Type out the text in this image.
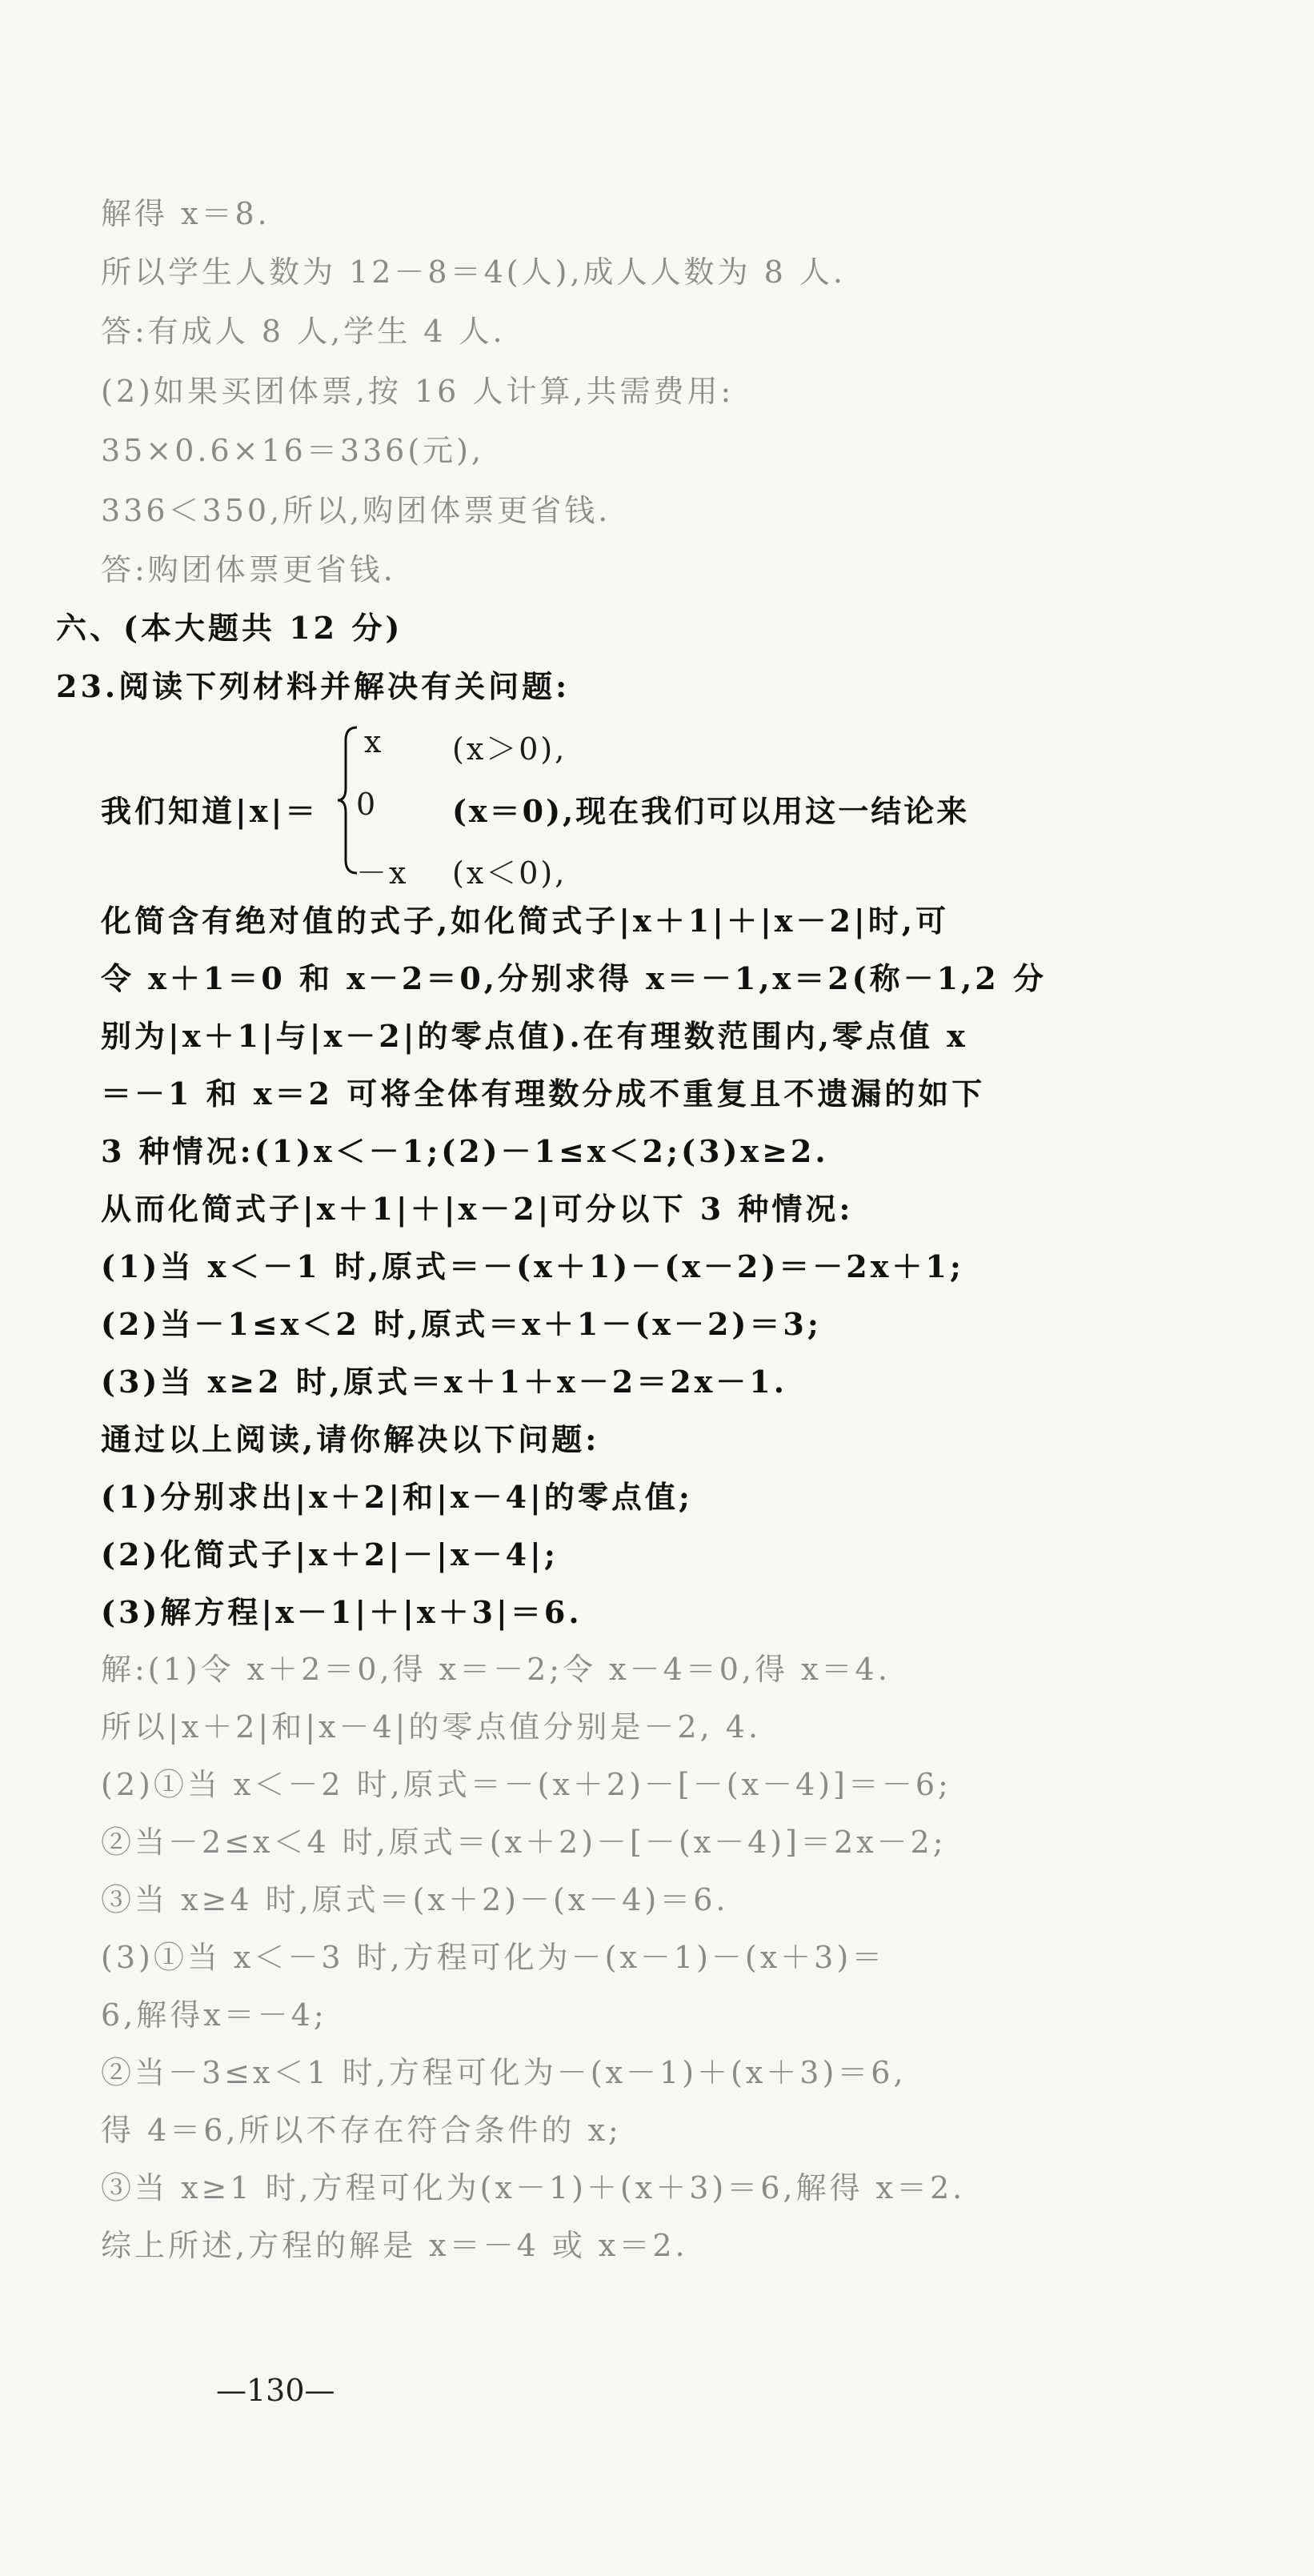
解得 x＝8.
所以学生人数为 12－8＝4(人),成人人数为 8 人.
答:有成人 8 人,学生 4 人.
(2)如果买团体票,按 16 人计算,共需费用:
35×0.6×16＝336(元),
336＜350,所以,购团体票更省钱.
答:购团体票更省钱.
六、(本大题共 12 分)
23.阅读下列材料并解决有关问题:
我们知道|x|＝
x (x＞0),
0 (x＝0),现在我们可以用这一结论来
－x (x＜0),
化简含有绝对值的式子,如化简式子|x＋1|＋|x－2|时,可
令 x＋1＝0 和 x－2＝0,分别求得 x＝－1,x＝2(称－1,2 分
别为|x＋1|与|x－2|的零点值).在有理数范围内,零点值 x
＝－1 和 x＝2 可将全体有理数分成不重复且不遗漏的如下
3 种情况:(1)x＜－1;(2)－1≤x＜2;(3)x≥2.
从而化简式子|x＋1|＋|x－2|可分以下 3 种情况:
(1)当 x＜－1 时,原式＝－(x＋1)－(x－2)＝－2x＋1;
(2)当－1≤x＜2 时,原式＝x＋1－(x－2)＝3;
(3)当 x≥2 时,原式＝x＋1＋x－2＝2x－1.
通过以上阅读,请你解决以下问题:
(1)分别求出|x＋2|和|x－4|的零点值;
(2)化简式子|x＋2|－|x－4|;
(3)解方程|x－1|＋|x＋3|＝6.
解:(1)令 x＋2＝0,得 x＝－2;令 x－4＝0,得 x＝4.
所以|x＋2|和|x－4|的零点值分别是－2, 4.
(2)①当 x＜－2 时,原式＝－(x＋2)－[－(x－4)]＝－6;
②当－2≤x＜4 时,原式＝(x＋2)－[－(x－4)]＝2x－2;
③当 x≥4 时,原式＝(x＋2)－(x－4)＝6.
(3)①当 x＜－3 时,方程可化为－(x－1)－(x＋3)＝
6,解得x＝－4;
②当－3≤x＜1 时,方程可化为－(x－1)＋(x＋3)＝6,
得 4＝6,所以不存在符合条件的 x;
③当 x≥1 时,方程可化为(x－1)＋(x＋3)＝6,解得 x＝2.
综上所述,方程的解是 x＝－4 或 x＝2.
—130—
